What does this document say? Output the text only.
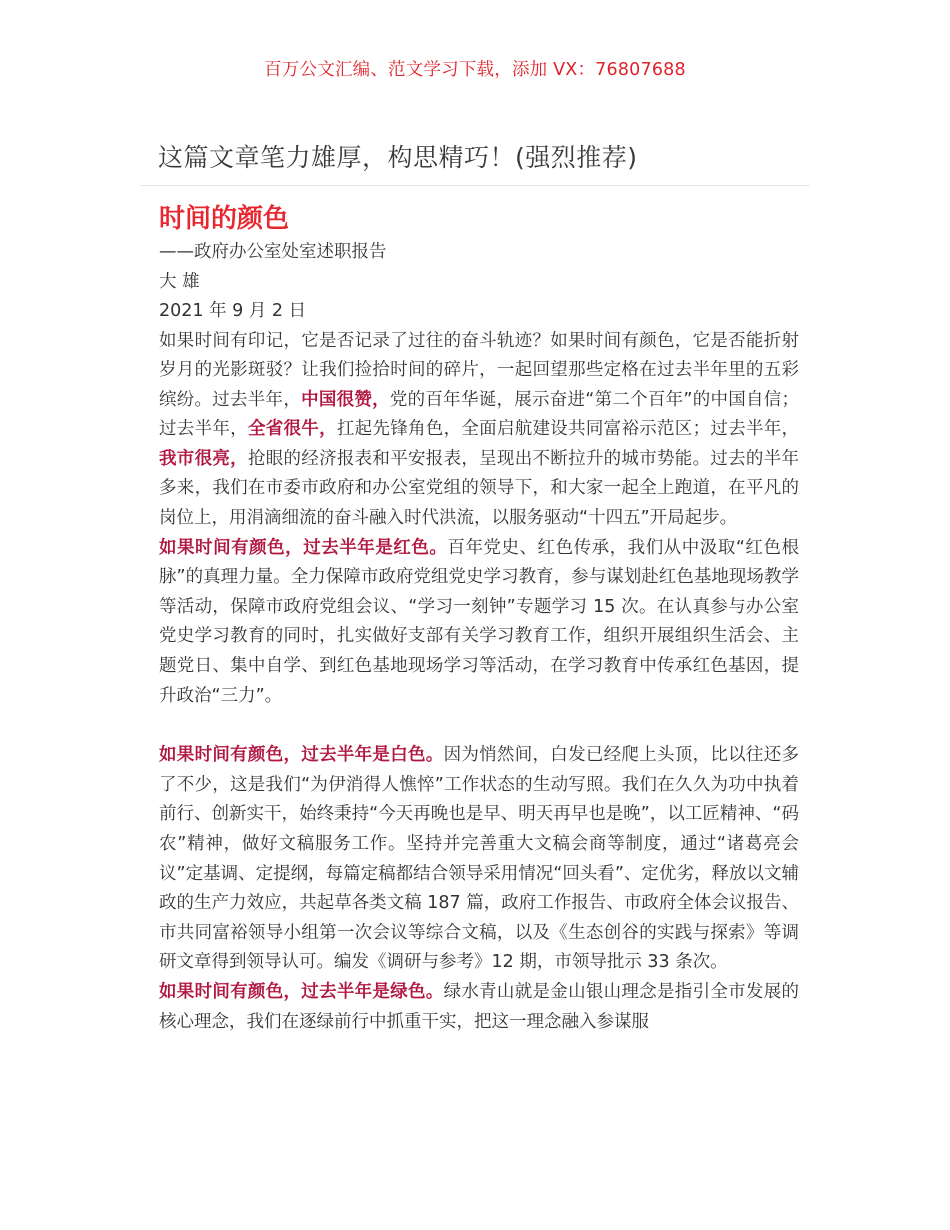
百万公文汇编、范文学习下载，添加 VX：76807688
这篇文章笔力雄厚，构思精巧！(强烈推荐)
时间的颜色

——政府办公室处室述职报告

大 雄

2021 年 9 月 2 日

如果时间有印记，它是否记录了过往的奋斗轨迹？如果时间有颜色，它是否能折射岁月的光影斑驳？让我们捡拾时间的碎片，一起回望那些定格在过去半年里的五彩缤纷。过去半年，中国很赞，党的百年华诞，展示奋进“第二个百年”的中国自信；过去半年，全省很牛，扛起先锋角色，全面启航建设共同富裕示范区；过去半年，我市很亮，抢眼的经济报表和平安报表，呈现出不断拉升的城市势能。过去的半年多来，我们在市委市政府和办公室党组的领导下，和大家一起全上跑道，在平凡的岗位上，用涓滴细流的奋斗融入时代洪流，以服务驱动“十四五”开局起步。

如果时间有颜色，过去半年是红色。百年党史、红色传承，我们从中汲取“红色根脉”的真理力量。全力保障市政府党组党史学习教育，参与谋划赴红色基地现场教学等活动，保障市政府党组会议、“学习一刻钟”专题学习 15 次。在认真参与办公室党史学习教育的同时，扎实做好支部有关学习教育工作，组织开展组织生活会、主题党日、集中自学、到红色基地现场学习等活动，在学习教育中传承红色基因，提升政治“三力”。

如果时间有颜色，过去半年是白色。因为悄然间，白发已经爬上头顶，比以往还多了不少，这是我们“为伊消得人憔悴”工作状态的生动写照。我们在久久为功中执着前行、创新实干，始终秉持“今天再晚也是早、明天再早也是晚”，以工匠精神、“码农”精神，做好文稿服务工作。坚持并完善重大文稿会商等制度，通过“诸葛亮会议”定基调、定提纲，每篇定稿都结合领导采用情况“回头看”、定优劣，释放以文辅政的生产力效应，共起草各类文稿 187 篇，政府工作报告、市政府全体会议报告、市共同富裕领导小组第一次会议等综合文稿，以及《生态创谷的实践与探索》等调研文章得到领导认可。编发《调研与参考》12 期，市领导批示 33 条次。

如果时间有颜色，过去半年是绿色。绿水青山就是金山银山理念是指引全市发展的核心理念，我们在逐绿前行中抓重干实，把这一理念融入参谋服
